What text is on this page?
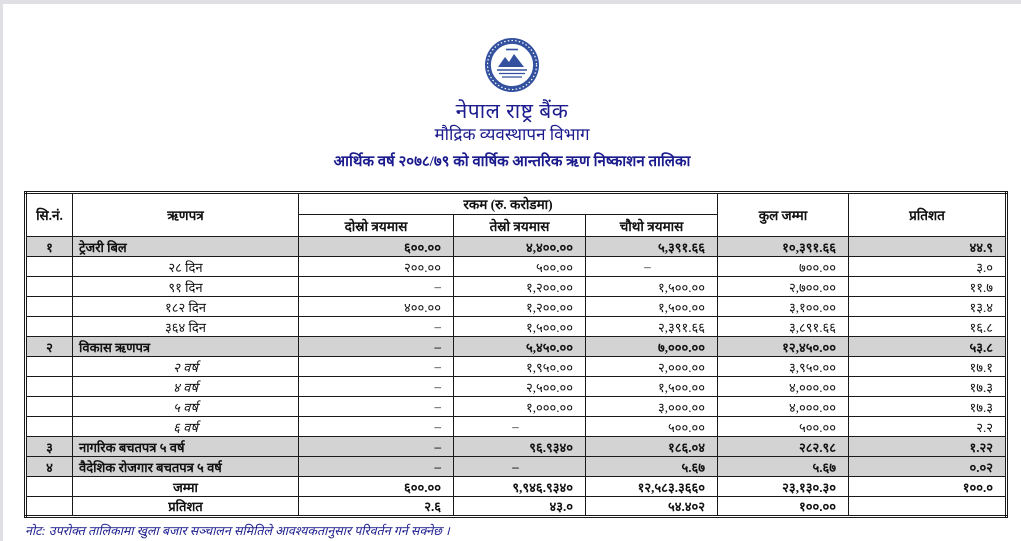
नेपाल राष्ट्र बैंक
मौद्रिक व्यवस्थापन विभाग
आर्थिक वर्ष २०७८/७९ को वार्षिक आन्तरिक ऋण निष्काशन तालिका
सि.नं.	ऋणपत्र	रकम (रु. करोडमा)			कुल जम्मा	प्रतिशत
		दोस्रो त्रयमास	तेस्रो त्रयमास	चौथो त्रयमास		
१	ट्रेजरी बिल	६००.००	४,४००.००	५,३९१.६६	१०,३९१.६६	४४.९
	२८ दिन	२००.००	५००.००	–	७००.००	३.०
	९१ दिन	–	१,२००.००	१,५००.००	२,७००.००	११.७
	१८२ दिन	४००.००	१,२००.००	१,५००.००	३,१००.००	१३.४
	३६४ दिन	–	१,५००.००	२,३९१.६६	३,८९१.६६	१६.८
२	विकास ऋणपत्र	–	५,४५०.००	७,०००.००	१२,४५०.००	५३.८
	२ वर्ष	–	१,९५०.००	२,०००.००	३,९५०.००	१७.१
	४ वर्ष	–	२,५००.००	१,५००.००	४,०००.००	१७.३
	५ वर्ष	–	१,०००.००	३,०००.००	४,०००.००	१७.३
	६ वर्ष	–	–	५००.००	५००.००	२.२
३	नागरिक बचतपत्र ५ वर्ष	–	९६.९३४०	१८६.०४	२८२.९८	१.२२
४	वैदेशिक रोजगार बचतपत्र ५ वर्ष	–	–	५.६७	५.६७	०.०२
	जम्मा	६००.००	९,९४६.९३४०	१२,५८३.३६६०	२३,१३०.३०	१००.०
	प्रतिशत	२.६	४३.०	५४.४०२	१००.००	
नोट: उपरोक्त तालिकामा खुला बजार सञ्चालन समितिले आवश्यकतानुसार परिवर्तन गर्न सक्नेछ ।
